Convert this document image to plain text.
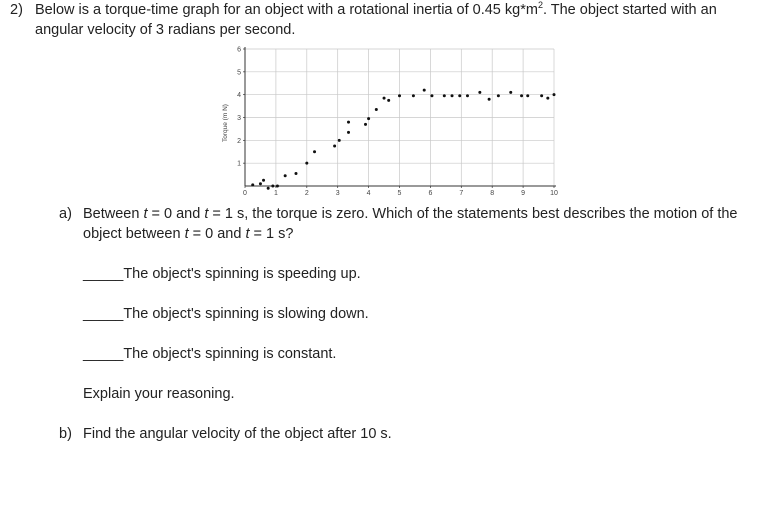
2) Below is a torque-time graph for an object with a rotational inertia of 0.45 $kg*m^2$. The object started with an
angular velocity of 3 radians per second.
0	1	2	3	4	5	6	7	8	9	10
1
2
3
4
5
6
Torque (m N)
a) Between t = 0 and t = 1 s, the torque is zero. Which of the statements best describes the motion of the
object between t = 0 and t = 1 s?
_____The object's spinning is speeding up.
_____The object's spinning is slowing down.
_____The object's spinning is constant.
Explain your reasoning.
b) Find the angular velocity of the object after 10 s.
